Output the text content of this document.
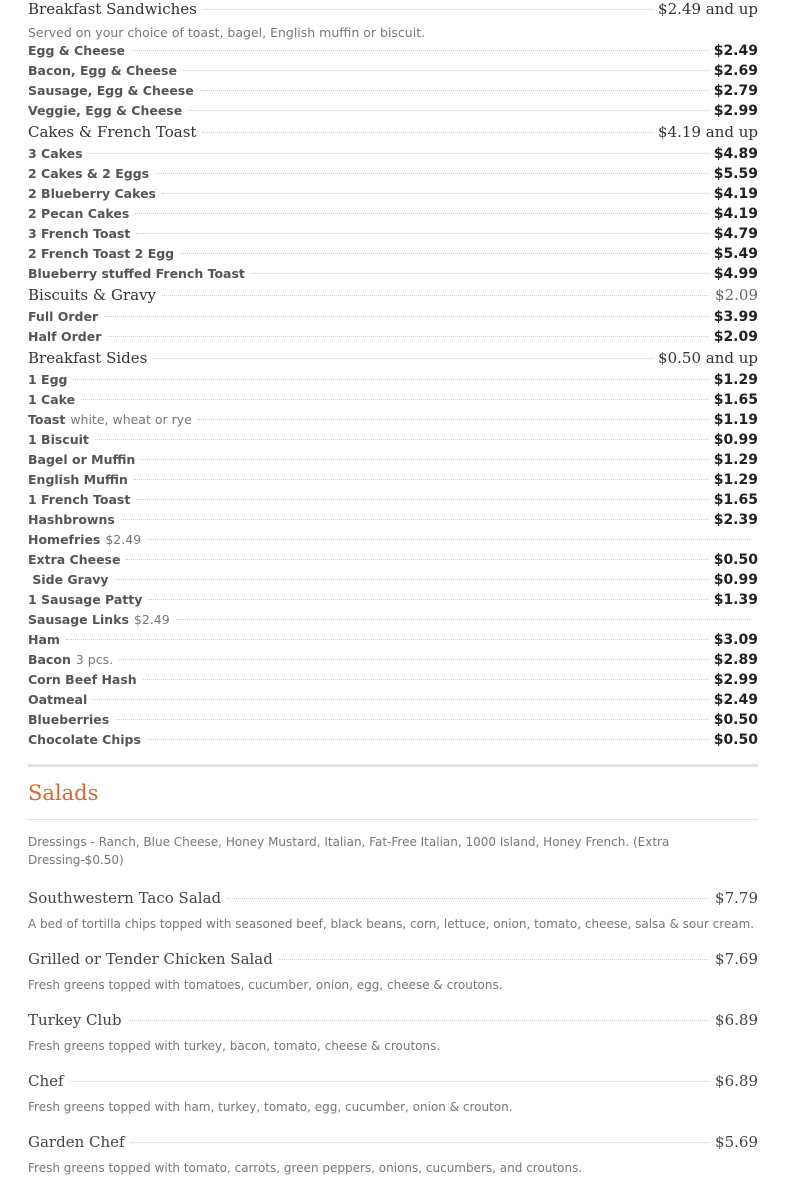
Breakfast Sandwiches	$2.49 and up
Served on your choice of toast, bagel, English muffin or biscuit.
Egg & Cheese	$2.49
Bacon, Egg & Cheese	$2.69
Sausage, Egg & Cheese	$2.79
Veggie, Egg & Cheese	$2.99
Cakes & French Toast	$4.19 and up
3 Cakes	$4.89
2 Cakes & 2 Eggs	$5.59
2 Blueberry Cakes	$4.19
2 Pecan Cakes	$4.19
3 French Toast	$4.79
2 French Toast 2 Egg	$5.49
Blueberry stuffed French Toast	$4.99
Biscuits & Gravy	$2.09
Full Order	$3.99
Half Order	$2.09
Breakfast Sides	$0.50 and up
1 Egg	$1.29
1 Cake	$1.65
Toast white, wheat or rye	$1.19
1 Biscuit	$0.99
Bagel or Muffin	$1.29
English Muffin	$1.29
1 French Toast	$1.65
Hashbrowns	$2.39
Homefries $2.49
Extra Cheese	$0.50
Side Gravy	$0.99
1 Sausage Patty	$1.39
Sausage Links $2.49
Ham	$3.09
Bacon 3 pcs.	$2.89
Corn Beef Hash	$2.99
Oatmeal	$2.49
Blueberries	$0.50
Chocolate Chips	$0.50
Salads
Dressings - Ranch, Blue Cheese, Honey Mustard, Italian, Fat-Free Italian, 1000 Island, Honey French. (Extra Dressing-$0.50)
Southwestern Taco Salad	$7.79
A bed of tortilla chips topped with seasoned beef, black beans, corn, lettuce, onion, tomato, cheese, salsa & sour cream.
Grilled or Tender Chicken Salad	$7.69
Fresh greens topped with tomatoes, cucumber, onion, egg, cheese & croutons.
Turkey Club	$6.89
Fresh greens topped with turkey, bacon, tomato, cheese & croutons.
Chef	$6.89
Fresh greens topped with ham, turkey, tomato, egg, cucumber, onion & crouton.
Garden Chef	$5.69
Fresh greens topped with tomato, carrots, green peppers, onions, cucumbers, and croutons.
